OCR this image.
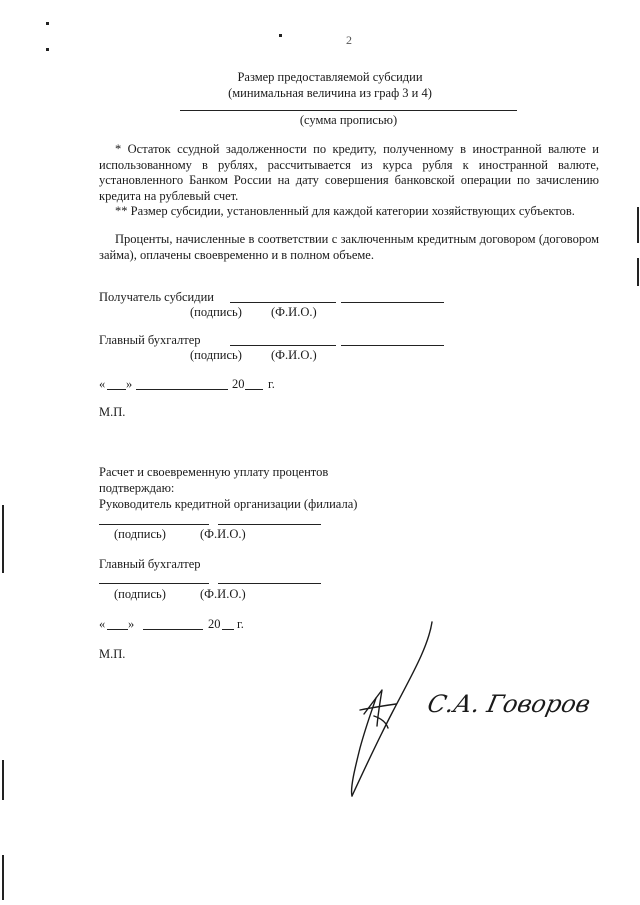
2
Размер предоставляемой субсидии
(минимальная величина из граф 3 и 4)
(сумма прописью)
* Остаток ссудной задолженности по кредиту, полученному в иностранной валюте и использованному в рублях, рассчитывается из курса рубля к иностранной валюте, установленного Банком России на дату совершения банковской операции по зачислению кредита на рублевый счет.
** Размер субсидии, установленный для каждой категории хозяйствующих субъектов.
Проценты, начисленные в соответствии с заключенным кредитным договором (договором займа), оплачены своевременно и в полном объеме.
Получатель субсидии
(подпись) (Ф.И.О.)
Главный бухгалтер
(подпись) (Ф.И.О.)
« »	20 г.
М.П.
Расчет и своевременную уплату процентов
подтверждаю:
Руководитель кредитной организации (филиала)
(подпись)	(Ф.И.О.)
Главный бухгалтер
(подпись)	(Ф.И.О.)
« »	20 г.
М.П.
С.А. Говоров
